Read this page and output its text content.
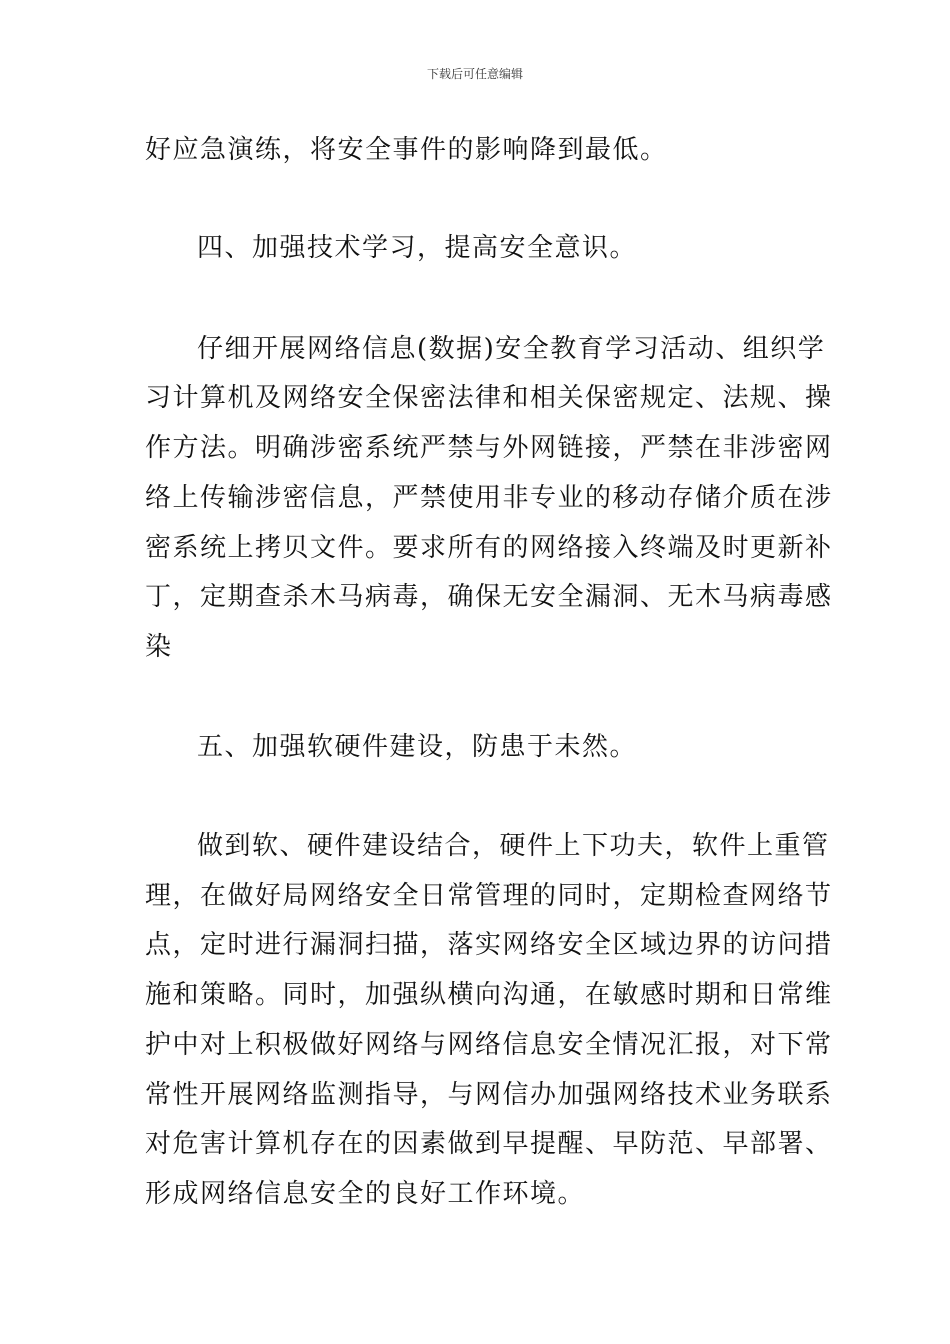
下载后可任意编辑
好应急演练，将安全事件的影响降到最低。
四、加强技术学习，提高安全意识。
仔细开展网络信息(数据)安全教育学习活动、组织学
习计算机及网络安全保密法律和相关保密规定、法规、操
作方法。明确涉密系统严禁与外网链接，严禁在非涉密网
络上传输涉密信息，严禁使用非专业的移动存储介质在涉
密系统上拷贝文件。要求所有的网络接入终端及时更新补
丁，定期查杀木马病毒，确保无安全漏洞、无木马病毒感
染
五、加强软硬件建设，防患于未然。
做到软、硬件建设结合，硬件上下功夫，软件上重管
理，在做好局网络安全日常管理的同时，定期检查网络节
点，定时进行漏洞扫描，落实网络安全区域边界的访问措
施和策略。同时，加强纵横向沟通，在敏感时期和日常维
护中对上积极做好网络与网络信息安全情况汇报，对下常
常性开展网络监测指导，与网信办加强网络技术业务联系
对危害计算机存在的因素做到早提醒、早防范、早部署、
形成网络信息安全的良好工作环境。
